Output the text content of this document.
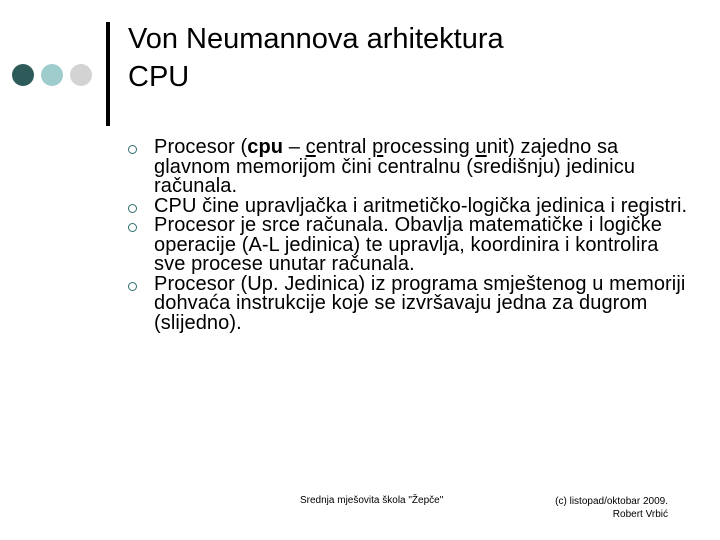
Von Neumannova arhitektura
CPU
Procesor (cpu – central processing unit) zajedno sa glavnom memorijom čini centralnu (središnju) jedinicu računala.
CPU čine upravljačka i aritmetičko-logička jedinica i registri.
Procesor je srce računala. Obavlja matematičke i logičke operacije (A-L jedinica) te upravlja, koordinira i kontrolira sve procese unutar računala.
Procesor (Up. Jedinica) iz programa smještenog u memoriji dohvaća instrukcije koje se izvršavaju jedna za dugrom (slijedno).
Srednja mješovita škola "Žepče"	(c) listopad/oktobar 2009.
Robert Vrbić
